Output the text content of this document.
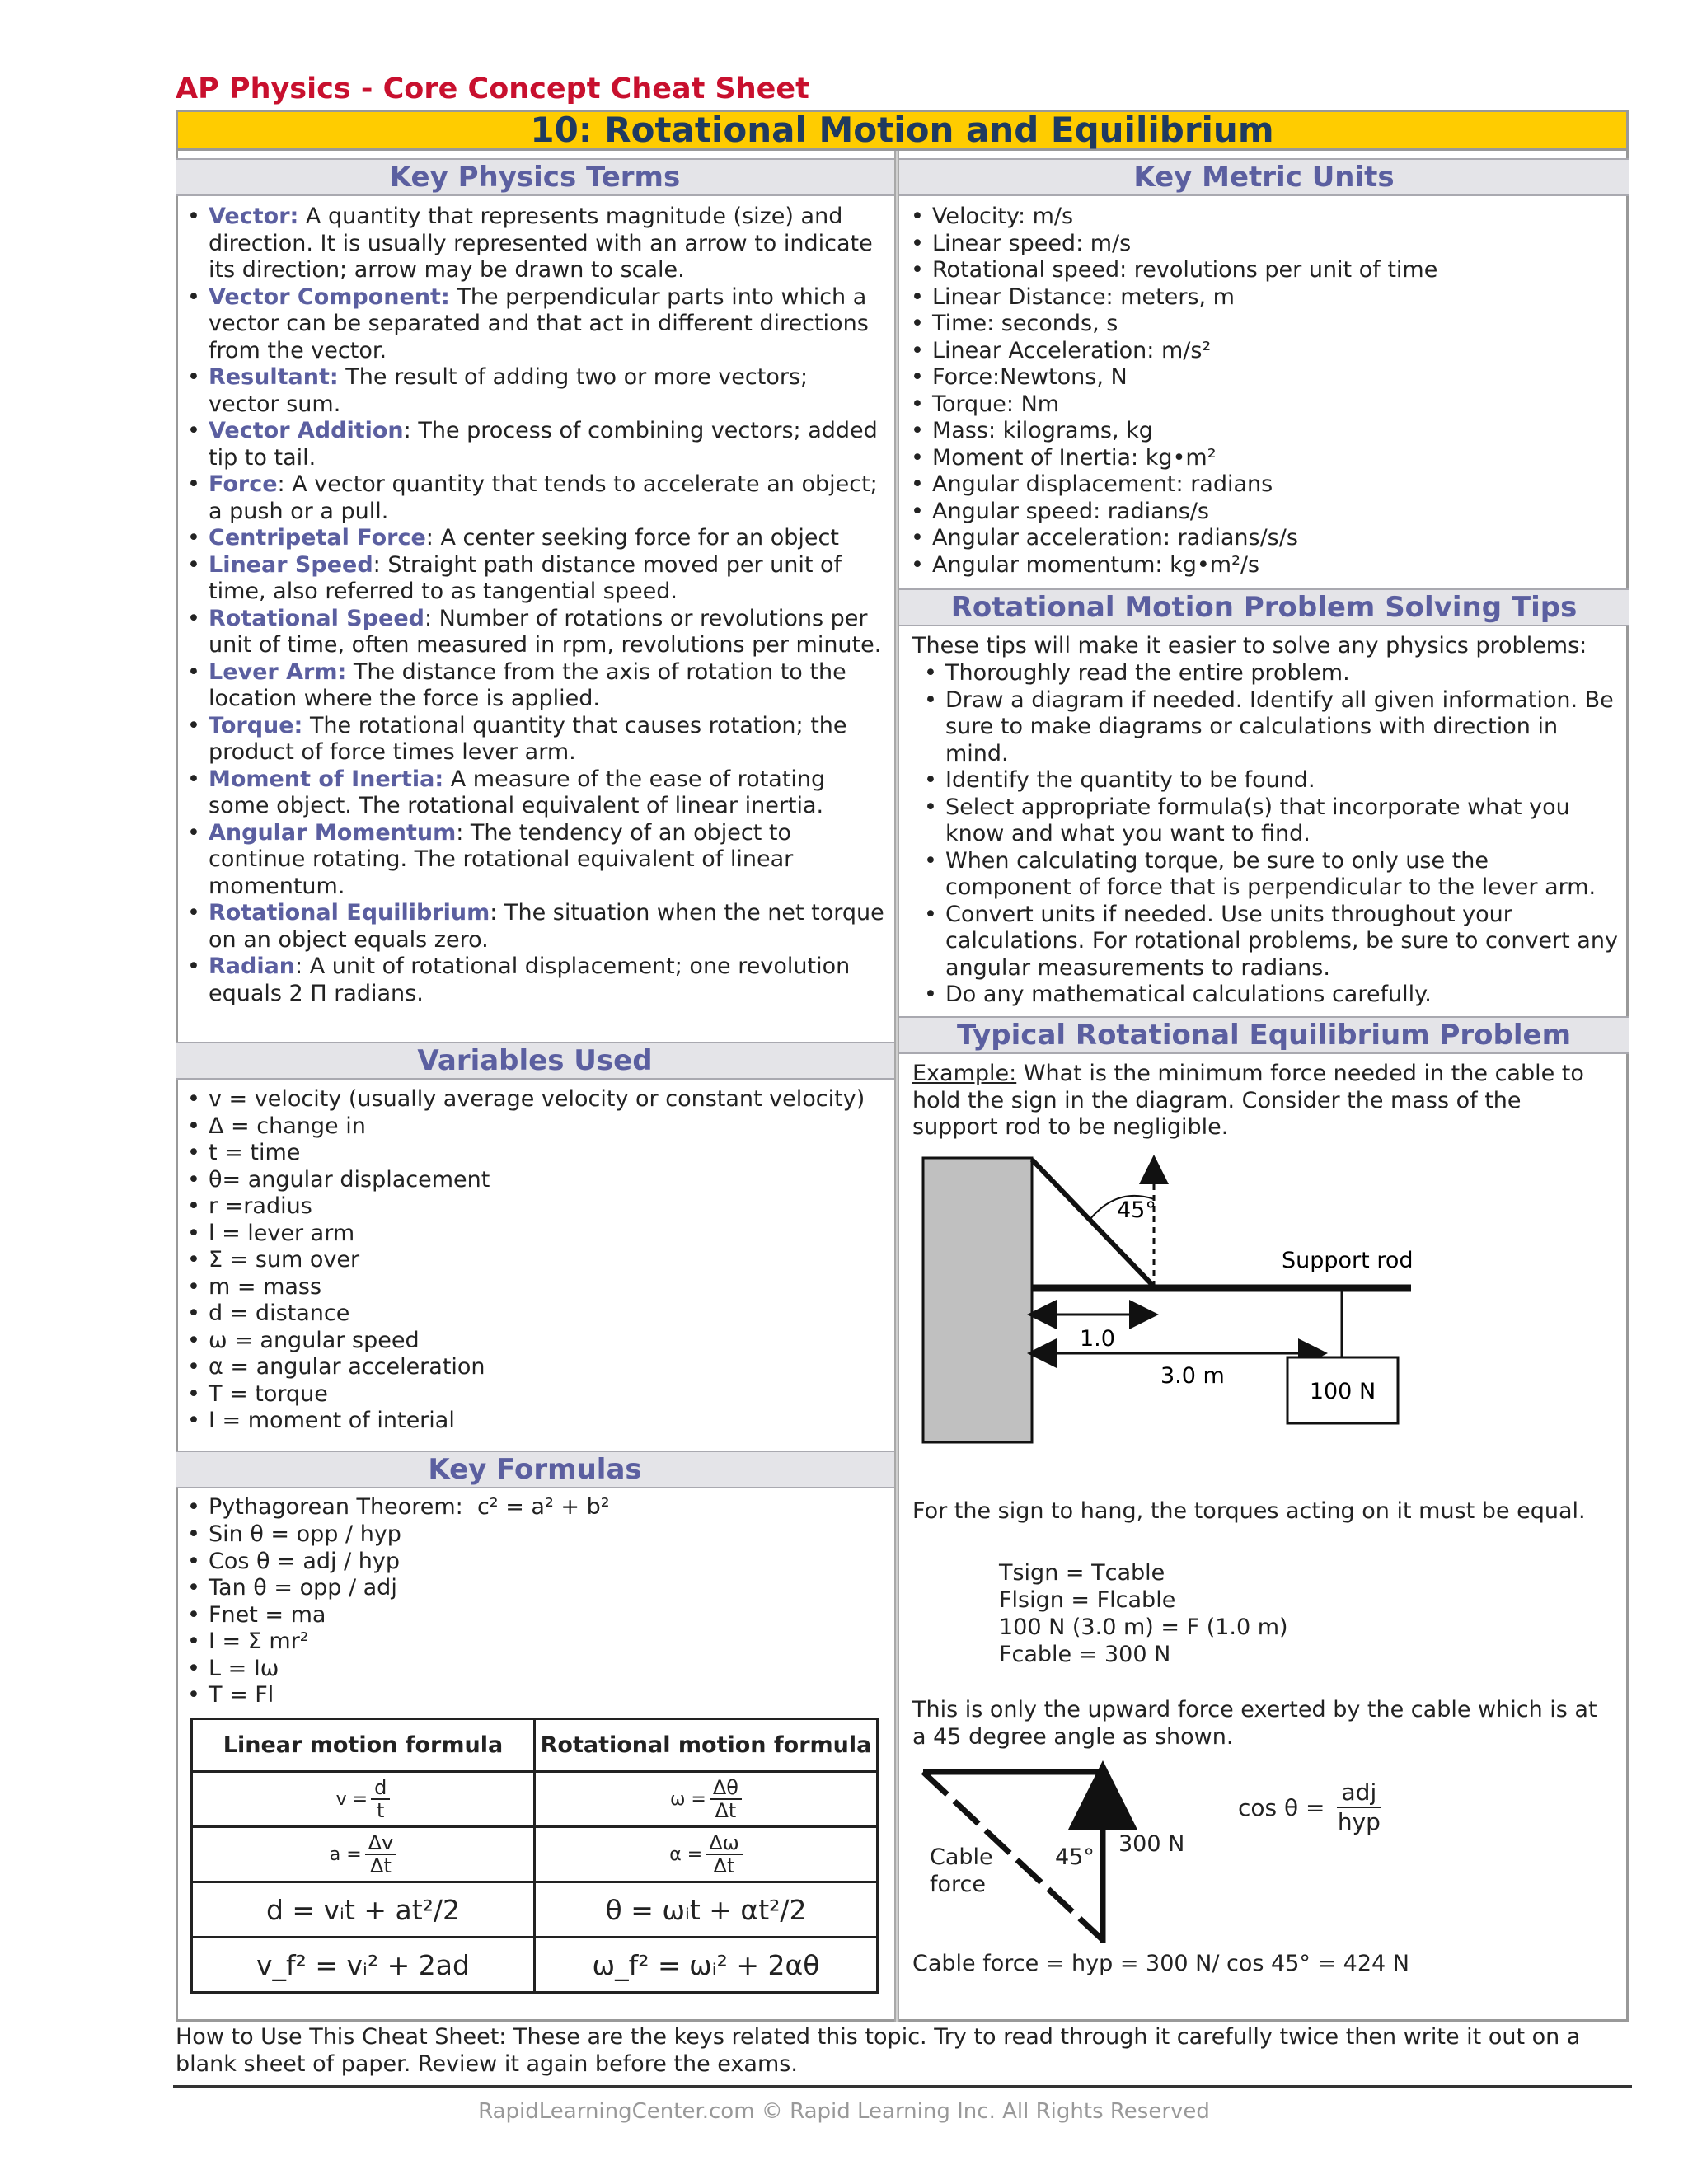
AP Physics - Core Concept Cheat Sheet
10: Rotational Motion and Equilibrium
Key Physics Terms
• Vector: A quantity that represents magnitude (size) and direction. It is usually represented with an arrow to indicate its direction; arrow may be drawn to scale.
• Vector Component: The perpendicular parts into which a vector can be separated and that act in different directions from the vector.
• Resultant: The result of adding two or more vectors; vector sum.
• Vector Addition: The process of combining vectors; added tip to tail.
• Force: A vector quantity that tends to accelerate an object; a push or a pull.
• Centripetal Force: A center seeking force for an object
• Linear Speed: Straight path distance moved per unit of time, also referred to as tangential speed.
• Rotational Speed: Number of rotations or revolutions per unit of time, often measured in rpm, revolutions per minute.
• Lever Arm: The distance from the axis of rotation to the location where the force is applied.
• Torque: The rotational quantity that causes rotation; the product of force times lever arm.
• Moment of Inertia: A measure of the ease of rotating some object. The rotational equivalent of linear inertia.
• Angular Momentum: The tendency of an object to continue rotating. The rotational equivalent of linear momentum.
• Rotational Equilibrium: The situation when the net torque on an object equals zero.
• Radian: A unit of rotational displacement; one revolution equals 2 Π radians.
Variables Used
• v = velocity (usually average velocity or constant velocity)
• Δ = change in
• t = time
• θ= angular displacement
• r =radius
• l = lever arm
• Σ = sum over
• m = mass
• d = distance
• ω = angular speed
• α = angular acceleration
• Τ = torque
• I = moment of interial
Key Formulas
• Pythagorean Theorem: c² = a² + b²
• Sin θ = opp / hyp
• Cos θ = adj / hyp
• Tan θ = opp / adj
• Fnet = ma
• I = Σ mr²
• L = Iω
• Τ = Fl
Linear motion formula	Rotational motion formula
$v = \frac{d}{t}$	$\omega = \frac{\Delta\theta}{\Delta t}$

$a = \frac{\Delta v}{\Delta t}$	$\alpha = \frac{\Delta\omega}{\Delta t}$

d = vᵢt + at²/2	θ = ωᵢt + αt²/2
v_f² = vᵢ² + 2ad	ω_f² = ωᵢ² + 2αθ
Key Metric Units
• Velocity: m/s
• Linear speed: m/s
• Rotational speed: revolutions per unit of time
• Linear Distance: meters, m
• Time: seconds, s
• Linear Acceleration: m/s²
• Force:Newtons, N
• Torque: Nm
• Mass: kilograms, kg
• Moment of Inertia: kg•m²
• Angular displacement: radians
• Angular speed: radians/s
• Angular acceleration: radians/s/s
• Angular momentum: kg•m²/s
Rotational Motion Problem Solving Tips
These tips will make it easier to solve any physics problems:
• Thoroughly read the entire problem.
• Draw a diagram if needed. Identify all given information. Be sure to make diagrams or calculations with direction in mind.
• Identify the quantity to be found.
• Select appropriate formula(s) that incorporate what you know and what you want to find.
• When calculating torque, be sure to only use the component of force that is perpendicular to the lever arm.
• Convert units if needed. Use units throughout your calculations. For rotational problems, be sure to convert any angular measurements to radians.
• Do any mathematical calculations carefully.
Typical Rotational Equilibrium Problem
Example: What is the minimum force needed in the cable to hold the sign in the diagram. Consider the mass of the support rod to be negligible.
45°
Support rod
1.0
3.0 m
100 N
For the sign to hang, the torques acting on it must be equal.
Τsign = Τcable
Flsign = Flcable
100 N (3.0 m) = F (1.0 m)
Fcable = 300 N
This is only the upward force exerted by the cable which is at a 45 degree angle as shown.
Cable force
45°
300 N
cos θ =
adj
hyp
Cable force = hyp = 300 N/ cos 45° = 424 N
How to Use This Cheat Sheet: These are the keys related this topic. Try to read through it carefully twice then write it out on a blank sheet of paper. Review it again before the exams.
RapidLearningCenter.com © Rapid Learning Inc. All Rights Reserved
